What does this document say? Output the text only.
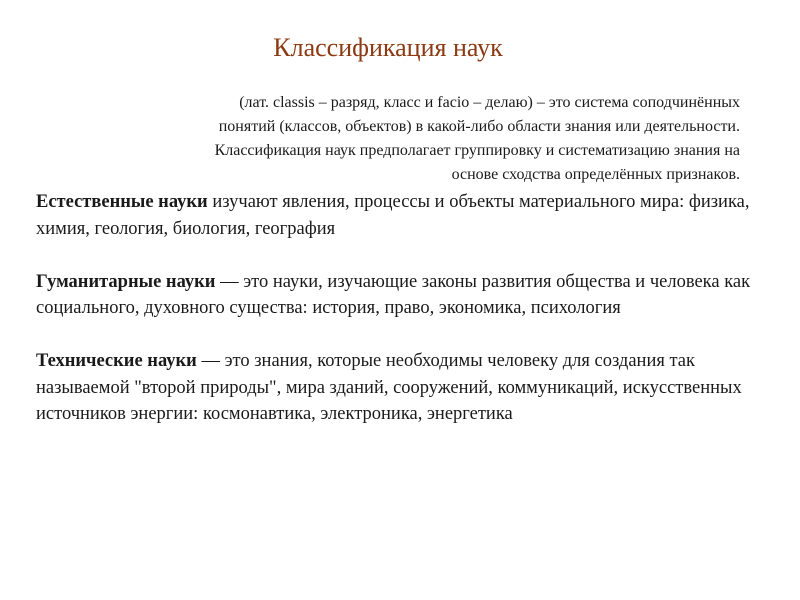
Классификация наук
(лат. classis – разряд, класс и facio – делаю) – это система соподчинённых
понятий (классов, объектов) в какой-либо области знания или деятельности.
Классификация наук предполагает группировку и систематизацию знания на
основе сходства определённых признаков.

Естественные науки изучают явления, процессы и объекты материального мира: физика, химия, геология, биология, география

Гуманитарные науки — это науки, изучающие законы развития общества и человека как социального, духовного существа: история, право, экономика, психология

Технические науки — это знания, которые необходимы человеку для создания так называемой "второй природы", мира зданий, сооружений, коммуникаций, искусственных источников энергии: космонавтика, электроника, энергетика
